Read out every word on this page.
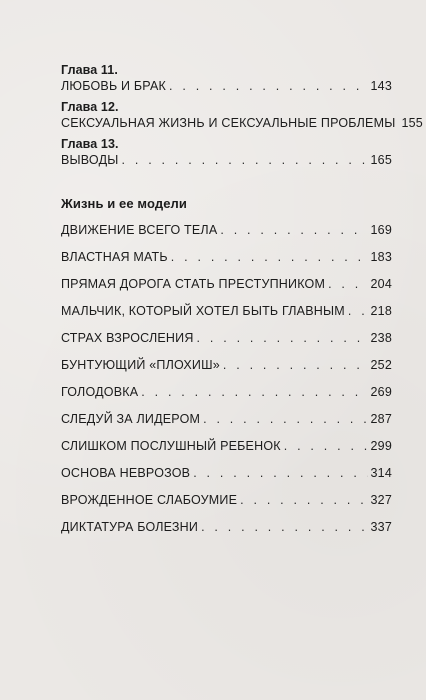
Глава 11.
ЛЮБОВЬ И БРАК . . .	143
Глава 12.
СЕКСУАЛЬНАЯ ЖИЗНЬ И СЕКСУАЛЬНЫЕ ПРОБЛЕМЫ 155
Глава 13.
ВЫВОДЫ . . .	165
Жизнь и ее модели
ДВИЖЕНИЕ ВСЕГО ТЕЛА . . .	169
ВЛАСТНАЯ МАТЬ . . .	183
ПРЯМАЯ ДОРОГА СТАТЬ ПРЕСТУПНИКОМ . . .	204
МАЛЬЧИК, КОТОРЫЙ ХОТЕЛ БЫТЬ ГЛАВНЫМ . . . 218
СТРАХ ВЗРОСЛЕНИЯ . . .	238
БУНТУЮЩИЙ «ПЛОХИШ» . . .	252
ГОЛОДОВКА . . .	269
СЛЕДУЙ ЗА ЛИДЕРОМ . . .	287
СЛИШКОМ ПОСЛУШНЫЙ РЕБЕНОК . . .	299
ОСНОВА НЕВРОЗОВ . . .	314
ВРОЖДЕННОЕ СЛАБОУМИЕ . . .	327
ДИКТАТУРА БОЛЕЗНИ . . .	337
